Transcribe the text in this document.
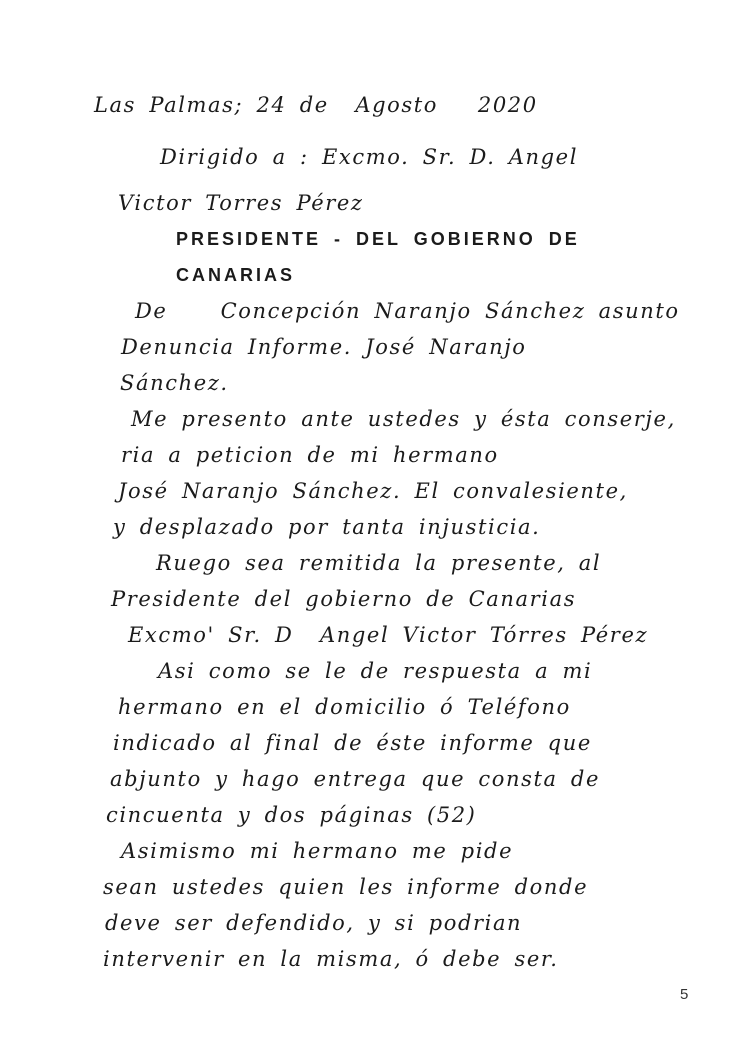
Las Palmas; 24 de  Agosto   2020
Dirigido a : Excmo. Sr. D. Angel
Victor Torres Pérez
PRESIDENTE - DEL GOBIERNO DE
CANARIAS
De    Concepción Naranjo Sánchez asunto
Denuncia Informe. José Naranjo
Sánchez.
Me presento ante ustedes y ésta conserje,
ria a peticion de mi hermano
José Naranjo Sánchez. El convalesiente,
y desplazado por tanta injusticia.
Ruego sea remitida la presente, al
Presidente del gobierno de Canarias
Excmo' Sr. D  Angel Victor Tórres Pérez
Asi como se le de respuesta a mi
hermano en el domicilio ó Teléfono
indicado al final de éste informe que
abjunto y hago entrega que consta de
cincuenta y dos páginas (52)
Asimismo mi hermano me pide
sean ustedes quien les informe donde
deve ser defendido, y si podrian
intervenir en la misma, ó debe ser.
5
